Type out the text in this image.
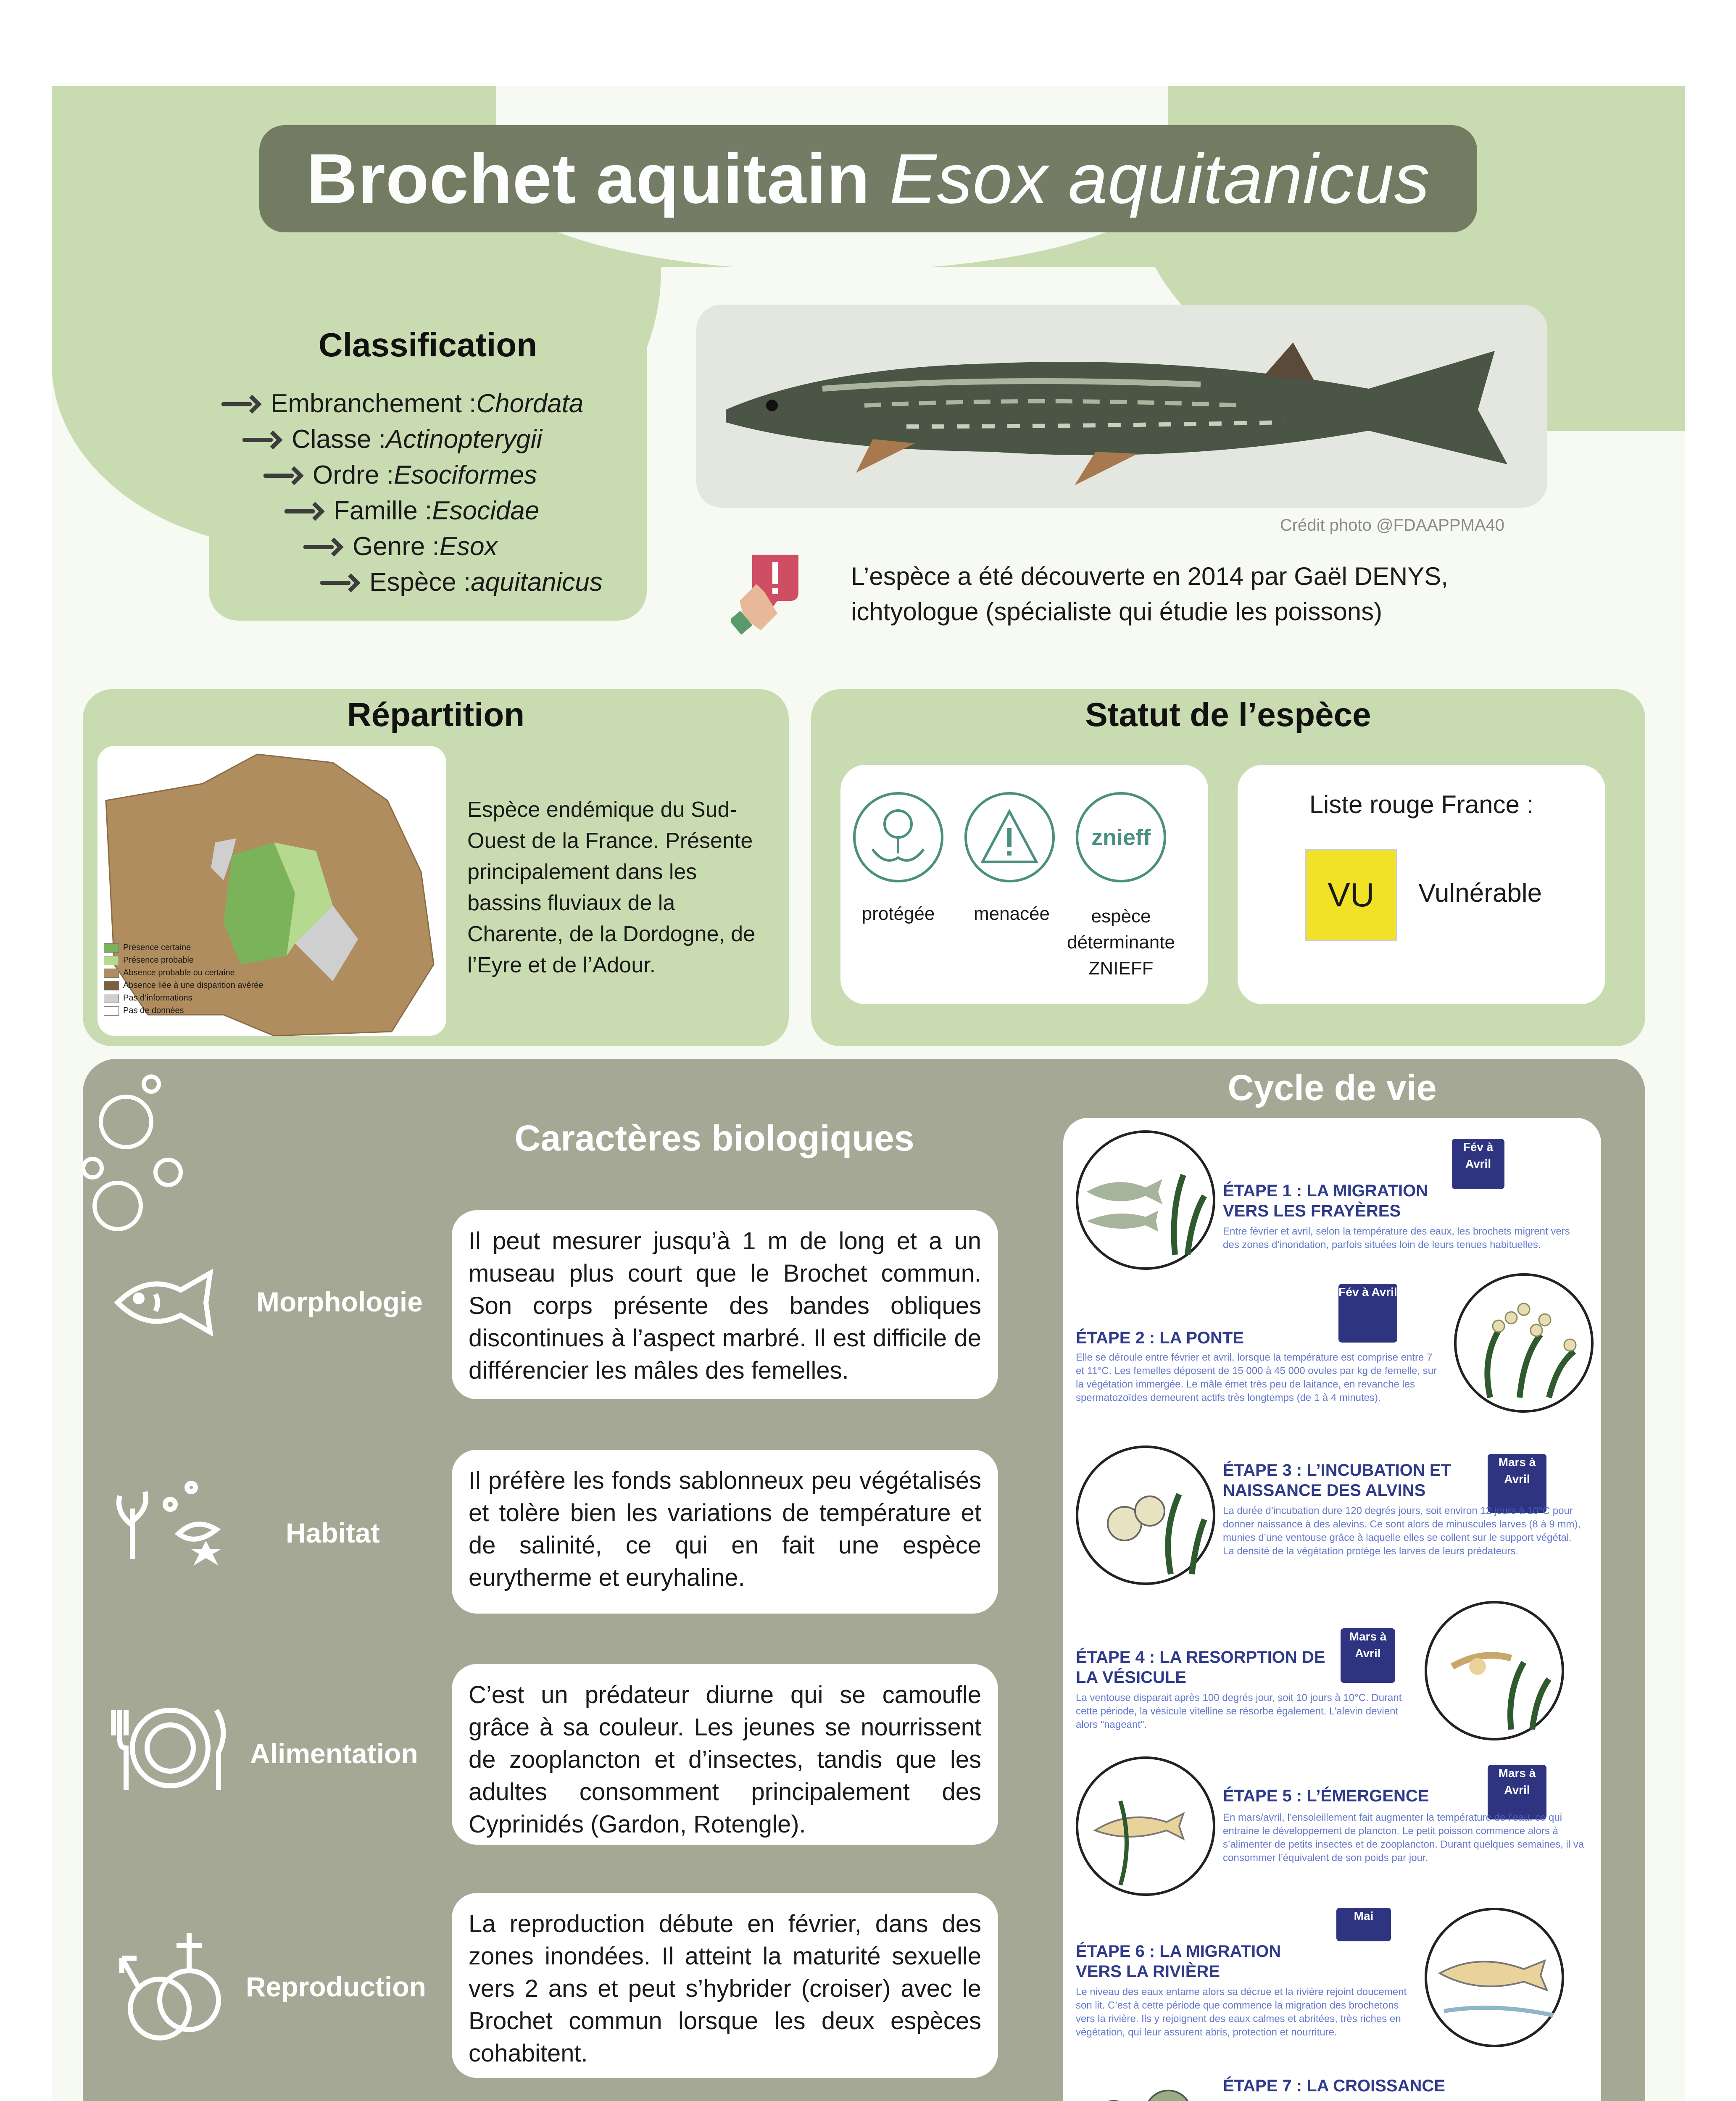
Brochet aquitain Esox aquitanicus
Classification
Embranchement : Chordata
Classe : Actinopterygii
Ordre : Esociformes
Famille : Esocidae
Genre : Esox
Espèce : aquitanicus
Crédit photo @FDAAPPMA40
L’espèce a été découverte en 2014 par Gaël DENYS, ichtyologue (spécialiste qui étudie les poissons)
Répartition
Présence certaine
Présence probable
Absence probable ou certaine
Absence liée à une disparition avérée
Pas d’informations
Pas de données
Espèce endémique du Sud-Ouest de la France. Présente principalement dans les bassins fluviaux de la Charente, de la Dordogne, de l’Eyre et de l’Adour.
Statut de l’espèce
protégée	menacée
znieff
espèce déterminante ZNIEFF
Liste rouge France :
VU	Vulnérable
Caractères biologiques
Morphologie
Il peut mesurer jusqu’à 1 m de long et a un museau plus court que le Brochet commun. Son corps présente des bandes obliques discontinues à l’aspect marbré. Il est difficile de différencier les mâles des femelles.
Habitat
Il préfère les fonds sablonneux peu végétalisés et tolère bien les variations de température et de salinité, ce qui en fait une espèce eurytherme et euryhaline.
Alimentation
C’est un prédateur diurne qui se camoufle grâce à sa couleur. Les jeunes se nourrissent de zooplancton et d’insectes, tandis que les adultes consomment principalement des Cyprinidés (Gardon, Rotengle).
Reproduction
La reproduction débute en février, dans des zones inondées. Il atteint la maturité sexuelle vers 2 ans et peut s’hybrider (croiser) avec le Brochet commun lorsque les deux espèces cohabitent.
Cycle de vie
Fév à Avril
ÉTAPE 1 : LA MIGRATION VERS LES FRAYÈRES
Entre février et avril, selon la température des eaux, les brochets migrent vers des zones d’inondation, parfois situées loin de leurs tenues habituelles.
Fév à Avril
ÉTAPE 2 : LA PONTE
Elle se déroule entre février et avril, lorsque la température est comprise entre 7 et 11°C. Les femelles déposent de 15 000 à 45 000 ovules par kg de femelle, sur la végétation immergée. Le mâle émet très peu de laitance, en revanche les spermatozoïdes demeurent actifs très longtemps (de 1 à 4 minutes).
Mars à Avril
ÉTAPE 3 : L’INCUBATION ET NAISSANCE DES ALVINS
La durée d’incubation dure 120 degrés jours, soit environ 12 jours à 10°C pour donner naissance à des alevins. Ce sont alors de minuscules larves (8 à 9 mm), munies d’une ventouse grâce à laquelle elles se collent sur le support végétal. La densité de la végétation protège les larves de leurs prédateurs.
Mars à Avril
ÉTAPE 4 : LA RESORPTION DE LA VÉSICULE
La ventouse disparait après 100 degrés jour, soit 10 jours à 10°C. Durant cette période, la vésicule vitelline se résorbe également. L’alevin devient alors "nageant".
Mars à Avril
ÉTAPE 5 : L’ÉMERGENCE
En mars/avril, l’ensoleillement fait augmenter la température de l’eau, ce qui entraine le développement de plancton. Le petit poisson commence alors à s’alimenter de petits insectes et de zooplancton. Durant quelques semaines, il va consommer l’équivalent de son poids par jour.
Mai
ÉTAPE 6 : LA MIGRATION VERS LA RIVIÈRE
Le niveau des eaux entame alors sa décrue et la rivière rejoint doucement son lit. C’est à cette période que commence la migration des brochetons vers la rivière. Ils y rejoignent des eaux calmes et abritées, très riches en végétation, qui leur assurent abris, protection et nourriture.
ÉTAPE 7 : LA CROISSANCE
